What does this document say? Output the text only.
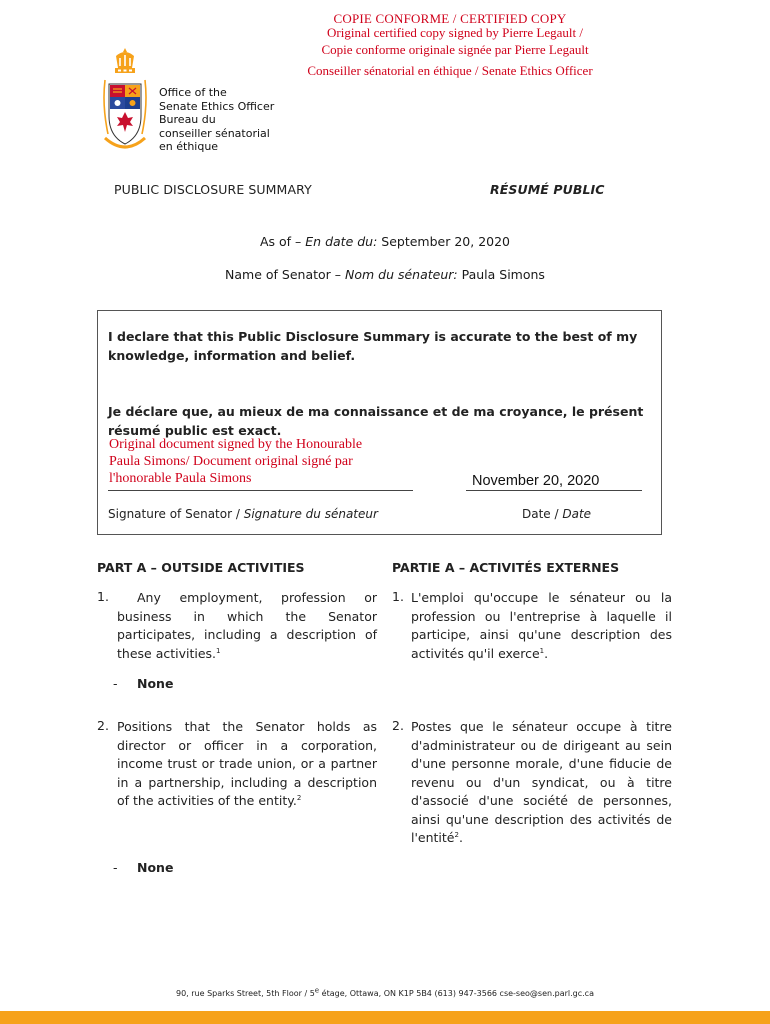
COPIE CONFORME / CERTIFIED COPY
Original certified copy signed by Pierre Legault /
Copie conforme originale signée par Pierre Legault
Conseiller sénatorial en éthique / Senate Ethics Officer
Office of the
Senate Ethics Officer
Bureau du
conseiller sénatorial
en éthique
PUBLIC DISCLOSURE SUMMARY	RÉSUMÉ PUBLIC
As of – En date du: September 20, 2020
Name of Senator – Nom du sénateur: Paula Simons
I declare that this Public Disclosure Summary is accurate to the best of my knowledge, information and belief.
Je déclare que, au mieux de ma connaissance et de ma croyance, le présent résumé public est exact.
Original document signed by the Honourable
Paula Simons/ Document original signé par
l'honorable Paula Simons	November 20, 2020
Signature of Senator / Signature du sénateur	Date / Date
PART A – OUTSIDE ACTIVITIES	PARTIE A – ACTIVITÉS EXTERNES
1.	Any employment, profession or business in which the Senator participates, including a description of these activities.$^1$
1. L'emploi qu'occupe le sénateur ou la profession ou l'entreprise à laquelle il participe, ainsi qu'une description des activités qu'il exerce$^1$.
- None
2. Positions that the Senator holds as director or officer in a corporation, income trust or trade union, or a partner in a partnership, including a description of the activities of the entity.$^2$
2. Postes que le sénateur occupe à titre d'administrateur ou de dirigeant au sein d'une personne morale, d'une fiducie de revenu ou d'un syndicat, ou à titre d'associé d'une société de personnes, ainsi qu'une description des activités de l'entité$^2$.
- None
90, rue Sparks Street, 5th Floor / 5e étage, Ottawa, ON K1P 5B4 (613) 947-3566 cse-seo@sen.parl.gc.ca
